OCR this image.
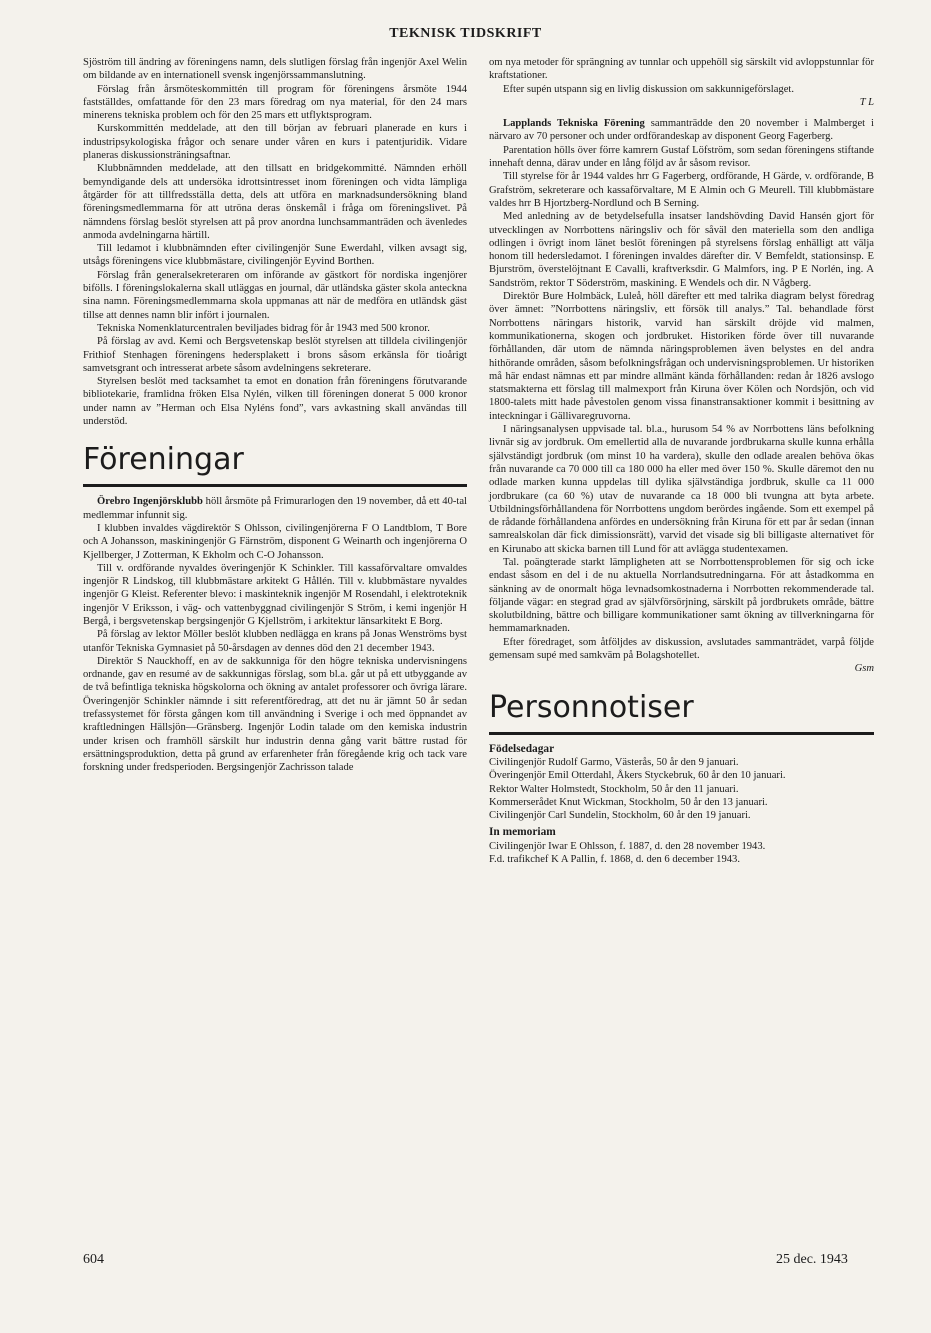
TEKNISK TIDSKRIFT

Sjöström till ändring av föreningens namn, dels slutligen förslag från ingenjör Axel Welin om bildande av en internationell svensk ingenjörssammanslutning.

Förslag från årsmöteskommittén till program för föreningens årsmöte 1944 fastställdes, omfattande för den 23 mars föredrag om nya material, för den 24 mars minerens tekniska problem och för den 25 mars ett utflyktsprogram.

Kurskommittén meddelade, att den till början av februari planerade en kurs i industripsykologiska frågor och senare under våren en kurs i patentjuridik. Vidare planeras diskussionsträningsaftnar.

Klubbnämnden meddelade, att den tillsatt en bridgekommitté. Nämnden erhöll bemyndigande dels att undersöka idrottsintresset inom föreningen och vidta lämpliga åtgärder för att tillfredsställa detta, dels att utföra en marknadsundersökning bland föreningsmedlemmarna för att utröna deras önskemål i fråga om föreningslivet. På nämndens förslag beslöt styrelsen att på prov anordna lunchsammanträden och ävenledes anmoda avdelningarna härtill.

Till ledamot i klubbnämnden efter civilingenjör Sune Ewerdahl, vilken avsagt sig, utsågs föreningens vice klubbmästare, civilingenjör Eyvind Borthen.

Förslag från generalsekreteraren om införande av gästkort för nordiska ingenjörer bifölls. I föreningslokalerna skall utläggas en journal, där utländska gäster skola anteckna sina namn. Föreningsmedlemmarna skola uppmanas att när de medföra en utländsk gäst tillse att dennes namn blir infört i journalen.

Tekniska Nomenklaturcentralen beviljades bidrag för år 1943 med 500 kronor.

På förslag av avd. Kemi och Bergsvetenskap beslöt styrelsen att tilldela civilingenjör Frithiof Stenhagen föreningens hedersplakett i brons såsom erkänsla för tioårigt samvetsgrant och intresserat arbete såsom avdelningens sekreterare.

Styrelsen beslöt med tacksamhet ta emot en donation från föreningens förutvarande bibliotekarie, framlidna fröken Elsa Nylén, vilken till föreningen donerat 5 000 kronor under namn av ”Herman och Elsa Nyléns fond”, vars avkastning skall användas till understöd.

Föreningar

Örebro Ingenjörsklubb höll årsmöte på Frimurarlogen den 19 november, då ett 40-tal medlemmar infunnit sig.

I klubben invaldes vägdirektör S Ohlsson, civilingenjörerna F O Landtblom, T Bore och A Johansson, maskiningenjör G Färnström, disponent G Weinarth och ingenjörerna O Kjellberger, J Zotterman, K Ekholm och C-O Johansson.

Till v. ordförande nyvaldes överingenjör K Schinkler. Till kassaförvaltare omvaldes ingenjör R Lindskog, till klubbmästare arkitekt G Hållén. Till v. klubbmästare nyvaldes ingenjör G Kleist. Referenter blevo: i maskinteknik ingenjör M Rosendahl, i elektroteknik ingenjör V Eriksson, i väg- och vattenbyggnad civilingenjör S Ström, i kemi ingenjör H Bergå, i bergsvetenskap bergsingenjör G Kjellström, i arkitektur länsarkitekt E Borg.

På förslag av lektor Möller beslöt klubben nedlägga en krans på Jonas Wenströms byst utanför Tekniska Gymnasiet på 50-årsdagen av dennes död den 21 december 1943.

Direktör S Nauckhoff, en av de sakkunniga för den högre tekniska undervisningens ordnande, gav en resumé av de sakkunnigas förslag, som bl.a. går ut på ett utbyggande av de två befintliga tekniska högskolorna och ökning av antalet professorer och övriga lärare. Överingenjör Schinkler nämnde i sitt referentföredrag, att det nu är jämnt 50 år sedan trefassystemet för första gången kom till användning i Sverige i och med öppnandet av kraftledningen Hällsjön—Gränsberg. Ingenjör Lodin talade om den kemiska industrin under krisen och framhöll särskilt hur industrin denna gång varit bättre rustad för ersättningsproduktion, detta på grund av erfarenheter från föregående krig och tack vare forskning under fredsperioden. Bergsingenjör Zachrisson talade

om nya metoder för sprängning av tunnlar och uppehöll sig särskilt vid avloppstunnlar för kraftstationer.

Efter supén utspann sig en livlig diskussion om sakkunnigeförslaget.

T L

Lapplands Tekniska Förening sammanträdde den 20 november i Malmberget i närvaro av 70 personer och under ordförandeskap av disponent Georg Fagerberg.

Parentation hölls över förre kamrern Gustaf Löfström, som sedan föreningens stiftande innehaft denna, därav under en lång följd av år såsom revisor.

Till styrelse för år 1944 valdes hrr G Fagerberg, ordförande, H Gärde, v. ordförande, B Grafström, sekreterare och kassaförvaltare, M E Almin och G Meurell. Till klubbmästare valdes hrr B Hjortzberg-Nordlund och B Serning.

Med anledning av de betydelsefulla insatser landshövding David Hansén gjort för utvecklingen av Norrbottens näringsliv och för såväl den materiella som den andliga odlingen i övrigt inom länet beslöt föreningen på styrelsens förslag enhälligt att välja honom till hedersledamot. I föreningen invaldes därefter dir. V Bemfeldt, stationsinsp. E Bjurström, överstelöjtnant E Cavalli, kraftverksdir. G Malmfors, ing. P E Norlén, ing. A Sandström, rektor T Söderström, maskining. E Wendels och dir. N Vågberg.

Direktör Bure Holmbäck, Luleå, höll därefter ett med talrika diagram belyst föredrag över ämnet: ”Norrbottens näringsliv, ett försök till analys.” Tal. behandlade först Norrbottens näringars historik, varvid han särskilt dröjde vid malmen, kommunikationerna, skogen och jordbruket. Historiken förde över till nuvarande förhållanden, där utom de nämnda näringsproblemen även belystes en del andra hithörande områden, såsom befolkningsfrågan och undervisningsproblemen. Ur historiken må här endast nämnas ett par mindre allmänt kända förhållanden: redan år 1826 avslogo statsmakterna ett förslag till malmexport från Kiruna över Kölen och Nordsjön, och vid 1800-talets mitt hade påvestolen genom vissa finanstransaktioner kommit i besittning av inteckningar i Gällivaregruvorna.

I näringsanalysen uppvisade tal. bl.a., hurusom 54 % av Norrbottens läns befolkning livnär sig av jordbruk. Om emellertid alla de nuvarande jordbrukarna skulle kunna erhålla självständigt jordbruk (om minst 10 ha vardera), skulle den odlade arealen behöva ökas från nuvarande ca 70 000 till ca 180 000 ha eller med över 150 %. Skulle däremot den nu odlade marken kunna uppdelas till dylika självständiga jordbruk, skulle ca 11 000 jordbrukare (ca 60 %) utav de nuvarande ca 18 000 bli tvungna att byta arbete. Utbildningsförhållandena för Norrbottens ungdom berördes ingående. Som ett exempel på de rådande förhållandena anfördes en undersökning från Kiruna för ett par år sedan (innan samrealskolan där fick dimissionsrätt), varvid det visade sig bli billigaste alternativet för en Kirunabo att skicka barnen till Lund för att avlägga studentexamen.

Tal. poängterade starkt lämpligheten att se Norrbottensproblemen för sig och icke endast såsom en del i de nu aktuella Norrlandsutredningarna. För att åstadkomma en sänkning av de onormalt höga levnadsomkostnaderna i Norrbotten rekommenderade tal. följande vägar: en stegrad grad av självförsörjning, särskilt på jordbrukets område, bättre skolutbildning, bättre och billigare kommunikationer samt ökning av tillverkningarna för hemmamarknaden.

Efter föredraget, som åtföljdes av diskussion, avslutades sammanträdet, varpå följde gemensam supé med samkväm på Bolagshotellet.

Gsm
Personnotiser
Födelsedagar

Civilingenjör Rudolf Garmo, Västerås, 50 år den 9 januari.

Överingenjör Emil Otterdahl, Åkers Styckebruk, 60 år den 10 januari.

Rektor Walter Holmstedt, Stockholm, 50 år den 11 januari.

Kommerserådet Knut Wickman, Stockholm, 50 år den 13 januari.

Civilingenjör Carl Sundelin, Stockholm, 60 år den 19 januari.

In memoriam

Civilingenjör Iwar E Ohlsson, f. 1887, d. den 28 november 1943.

F.d. trafikchef K A Pallin, f. 1868, d. den 6 december 1943.

604	25 dec. 1943
